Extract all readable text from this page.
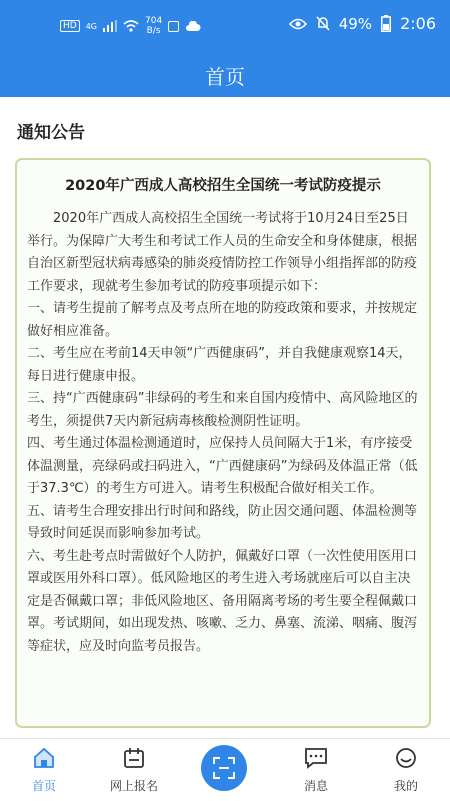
HD	4G	704
B/s	49% 2:06
首页
通知公告
2020年广西成人高校招生全国统一考试防疫提示

2020年广西成人高校招生全国统一考试将于10月24日至25日举行。为保障广大考生和考试工作人员的生命安全和身体健康，根据自治区新型冠状病毒感染的肺炎疫情防控工作领导小组指挥部的防疫工作要求，现就考生参加考试的防疫事项提示如下：

一、请考生提前了解考点及考点所在地的防疫政策和要求，并按规定做好相应准备。

二、考生应在考前14天申领“广西健康码”，并自我健康观察14天，每日进行健康申报。

三、持“广西健康码”非绿码的考生和来自国内疫情中、高风险地区的考生，须提供7天内新冠病毒核酸检测阴性证明。

四、考生通过体温检测通道时，应保持人员间隔大于1米，有序接受体温测量，亮绿码或扫码进入，“广西健康码”为绿码及体温正常（低于37.3℃）的考生方可进入。请考生积极配合做好相关工作。

五、请考生合理安排出行时间和路线，防止因交通问题、体温检测等导致时间延误而影响参加考试。

六、考生赴考点时需做好个人防护，佩戴好口罩（一次性使用医用口罩或医用外科口罩）。低风险地区的考生进入考场就座后可以自主决定是否佩戴口罩；非低风险地区、备用隔离考场的考生要全程佩戴口罩。考试期间，如出现发热、咳嗽、乏力、鼻塞、流涕、咽痛、腹泻等症状，应及时向监考员报告。

首页	网上报名	消息	我的
